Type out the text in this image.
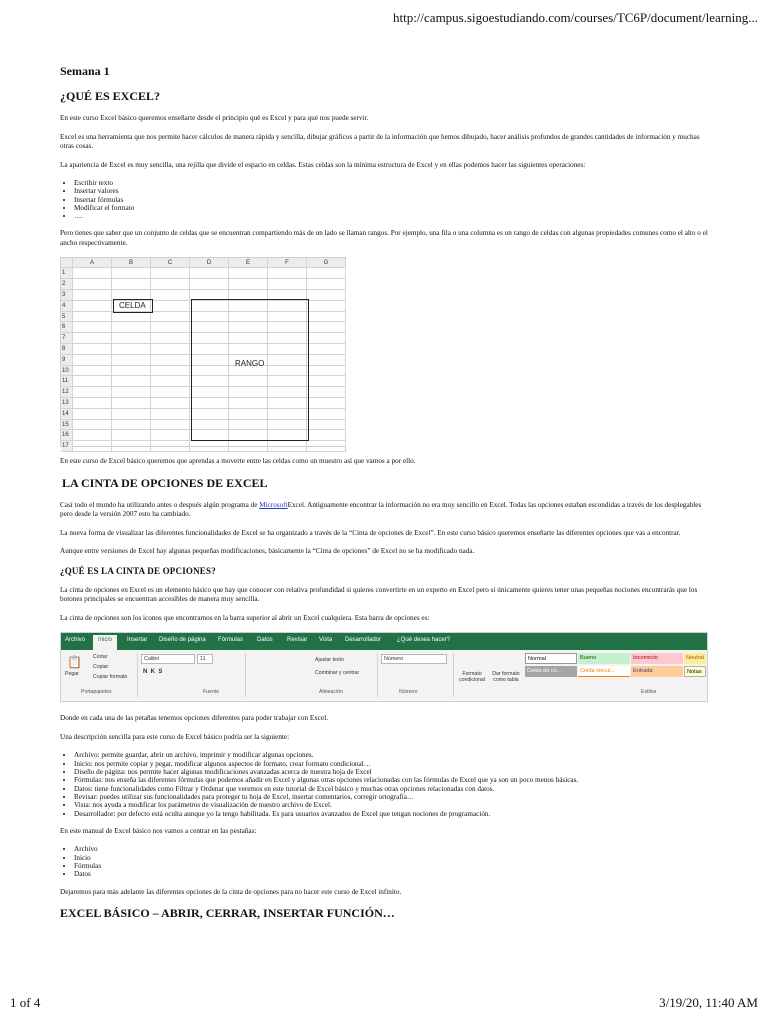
http://campus.sigoestudiando.com/courses/TC6P/document/learning...
Semana 1
¿QUÉ ES EXCEL?

En este curso Excel básico queremos enseñarte desde el principio qué es Excel y para qué nos puede servir.

Excel es una herramienta que nos permite hacer cálculos de manera rápida y sencilla, dibujar gráficos a partir de la información que hemos dibujado, hacer análisis profundos de grandes cantidades de información y muchas otras cosas.

La apariencia de Excel es muy sencilla, una rejilla que divide el espacio en celdas. Estas celdas son la mínima estructura de Excel y en ellas podemos hacer las siguientes operaciones:

• Escribir texto
• Insertar valores
• Insertar fórmulas
• Modificar el formato
• ….

Pero tienes que saber que un conjunto de celdas que se encuentran compartiendo más de un lado se llaman rangos. Por ejemplo, una fila o una columna es un rango de celdas con algunas propiedades comunes como el alto o el ancho respectivamente.

17
16
15
14
13
12
11
10
9
8
7
6
5
4
3
2
1
G
F
E
D
C
B
A
CELDA
RANGO

En este curso de Excel básico queremos que aprendas a moverte entre las celdas como un muestro así que vamos a por ello.

LA CINTA DE OPCIONES DE EXCEL

Casi todo el mundo ha utilizando antes o después algún programa de MicrosoftExcel. Antiguamente encontrar la información no era muy sencillo en Excel. Todas las opciones estaban escondidas a través de los desplegables pero desde la versión 2007 esto ha cambiado.

La nueva forma de visualizar las diferentes funcionalidades de Excel se ha organizado a través de la “Cinta de opciones de Excel”. En este curso básico queremos enseñarte las diferentes opciones que vas a encontrar.

Aunque entre versiones de Excel hay algunas pequeñas modificaciones, básicamente la “Cinta de opciones” de Excel no se ha modificado nada.

¿QUÉ ES LA CINTA DE OPCIONES?

La cinta de opciones en Excel es un elemento básico que hay que conocer con relativa profundidad si quieres convertirte en un experto en Excel pero si únicamente quieres tener unas pequeñas nociones encontrarás que los botones principales se encuentran accesibles de manera muy sencilla.

La cinta de opciones son los iconos que encontramos en la barra superior al abrir un Excel cualquiera. Esta barra de opciones es:

Archivo	Inicio	Insertar Diseño de página Fórmulas Datos Revisar Vista Desarrollador	¿Qué desea hacer?
📋
Pegar
Cortar
Copiar
Copiar formato
Portapapeles
Calibri	11
N  K  S
Fuente
Ajustar texto
Combinar y centrar
Alineación
Número
Número
Formato condicional
Dar formato como tabla
Normal	Bueno	Incorrecto	Neutral
Celda de co...	Celda vincul...	Entrada	Notas
Estilos

Donde en cada una de las petañas tenemos opciones diferentes para poder trabajar con Excel.

Una descripción sencilla para este curso de Excel básico podría ser la siguiente:

• Archivo: permite guardar, abrir un archivo, imprimir y modificar algunas opciones.
• Inicio: nos permite copiar y pegar, modificar algunos aspectos de formato, crear formato condicional…
• Diseño de página: nos permite hacer algunas modificaciones avanzadas acerca de nuestra hoja de Excel
• Fórmulas: nos enseña las diferentes fórmulas que podemos añadir en Excel y algunas otras opciones relacionadas con las fórmulas de Excel que ya son un poco menos básicas.
• Datos: tiene funcionalidades como Filtrar y Ordenar que veremos en este tutorial de Excel básico y muchas otras opciones relacionadas con datos.
• Revisar: puedes utilizar sus funcionalidades para proteger tu hoja de Excel, insertar comentarios, corregir ortografía…
• Vista: nos ayuda a modificar los parámetros de visualización de nuestro archivo de Excel.
• Desarrollador: por defecto está oculta aunque yo la tengo habilitada. Es para usuarios avanzados de Excel que tengan nociones de programación.

En este manual de Excel básico nos vamos a centrar en las pestañas:

• Archivo
• Inicio
• Fórmulas
• Datos

Dejaremos para más adelante las diferentes opciones de la cinta de opciones para no hacer este curso de Excel infinito.

EXCEL BÁSICO – ABRIR, CERRAR, INSERTAR FUNCIÓN…
1 of 4	3/19/20, 11:40 AM
